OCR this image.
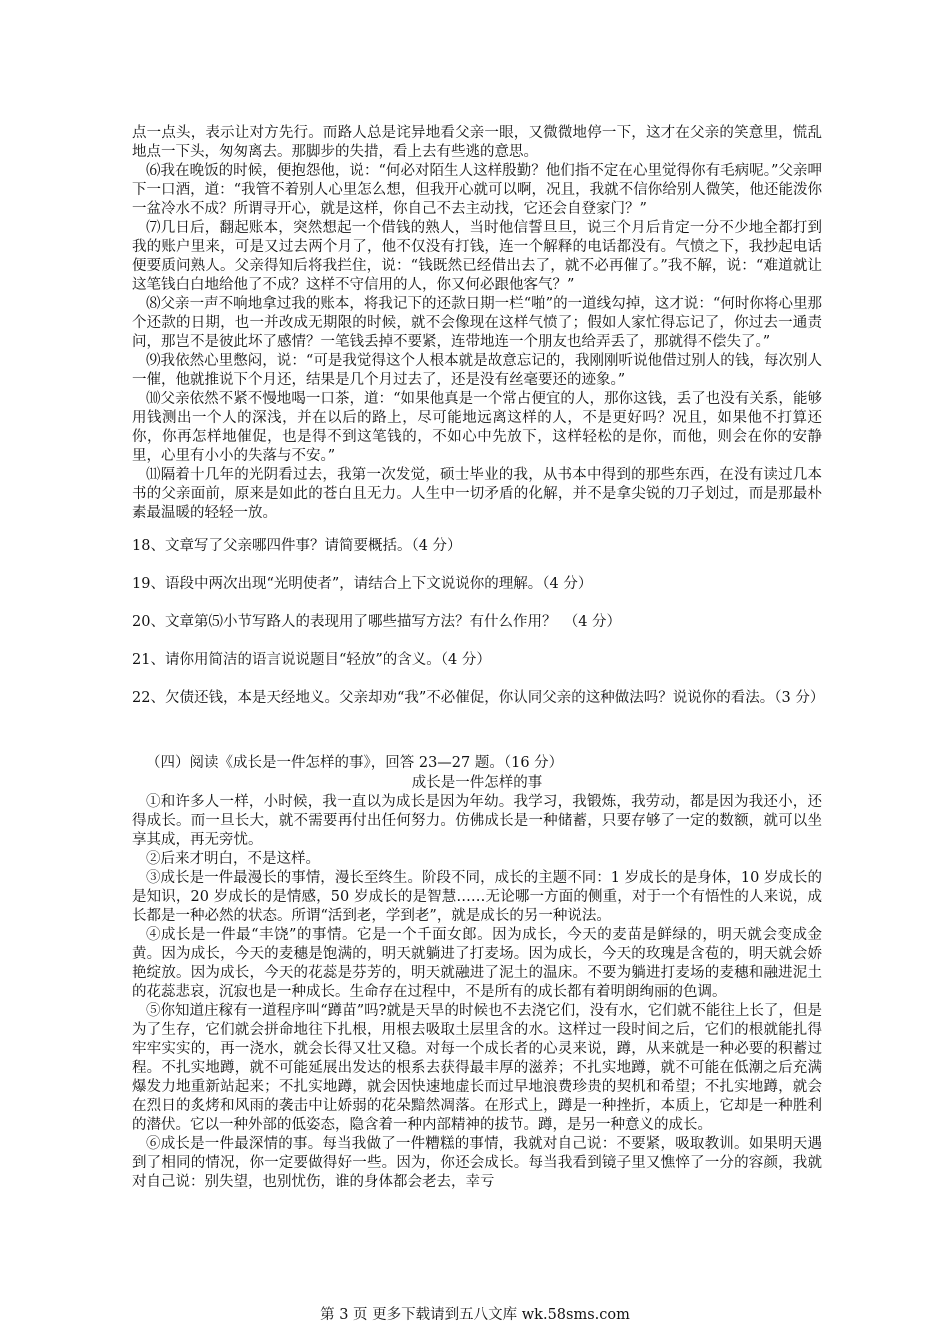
点一点头，表示让对方先行。而路人总是诧异地看父亲一眼，又微微地停一下，这才在父亲的笑意里，慌乱地点一下头，匆匆离去。那脚步的失措，看上去有些逃的意思。

⑹我在晚饭的时候，便抱怨他，说：“何必对陌生人这样殷勤？他们指不定在心里觉得你有毛病呢。”父亲呷下一口酒，道：“我管不着别人心里怎么想，但我开心就可以啊，况且，我就不信你给别人微笑，他还能泼你一盆冷水不成？所谓寻开心，就是这样，你自己不去主动找，它还会自登家门？”

⑺几日后，翻起账本，突然想起一个借钱的熟人，当时他信誓旦旦，说三个月后肯定一分不少地全都打到我的账户里来，可是又过去两个月了，他不仅没有打钱，连一个解释的电话都没有。气愤之下，我抄起电话便要质问熟人。父亲得知后将我拦住，说：“钱既然已经借出去了，就不必再催了。”我不解，说：“难道就让这笔钱白白地给他了不成？这样不守信用的人，你又何必跟他客气？”

⑻父亲一声不响地拿过我的账本，将我记下的还款日期一栏“啪”的一道线勾掉，这才说：“何时你将心里那个还款的日期，也一并改成无期限的时候，就不会像现在这样气愤了；假如人家忙得忘记了，你过去一通责问，那岂不是彼此坏了感情？一笔钱丢掉不要紧，连带地连一个朋友也给弄丢了，那就得不偿失了。”

⑼我依然心里憋闷，说：“可是我觉得这个人根本就是故意忘记的，我刚刚听说他借过别人的钱，每次别人一催，他就推说下个月还，结果是几个月过去了，还是没有丝毫要还的迹象。”

⑽父亲依然不紧不慢地喝一口茶，道：“如果他真是一个常占便宜的人，那你这钱，丢了也没有关系，能够用钱测出一个人的深浅，并在以后的路上，尽可能地远离这样的人，不是更好吗？况且，如果他不打算还你，你再怎样地催促，也是得不到这笔钱的，不如心中先放下，这样轻松的是你，而他，则会在你的安静里，心里有小小的失落与不安。”

⑾隔着十几年的光阴看过去，我第一次发觉，硕士毕业的我，从书本中得到的那些东西，在没有读过几本书的父亲面前，原来是如此的苍白且无力。人生中一切矛盾的化解，并不是拿尖锐的刀子划过，而是那最朴素最温暖的轻轻一放。

18、文章写了父亲哪四件事？请简要概括。（4 分）

19、语段中两次出现“光明使者”，请结合上下文说说你的理解。（4 分）

20、文章第⑸小节写路人的表现用了哪些描写方法？有什么作用？　（4 分）

21、请你用简洁的语言说说题目“轻放”的含义。（4 分）

22、欠债还钱，本是天经地义。父亲却劝“我”不必催促，你认同父亲的这种做法吗？说说你的看法。（3 分）

（四）阅读《成长是一件怎样的事》，回答 23—27 题。（16 分）

成长是一件怎样的事

①和许多人一样，小时候，我一直以为成长是因为年幼。我学习，我锻炼，我劳动，都是因为我还小，还得成长。而一旦长大，就不需要再付出任何努力。仿佛成长是一种储蓄，只要存够了一定的数额，就可以坐享其成，再无旁忧。

②后来才明白，不是这样。

③成长是一件最漫长的事情，漫长至终生。阶段不同，成长的主题不同：1 岁成长的是身体，10 岁成长的是知识，20 岁成长的是情感，50 岁成长的是智慧……无论哪一方面的侧重，对于一个有悟性的人来说，成长都是一种必然的状态。所谓“活到老，学到老”，就是成长的另一种说法。

④成长是一件最“丰饶”的事情。它是一个千面女郎。因为成长，今天的麦苗是鲜绿的，明天就会变成金黄。因为成长，今天的麦穗是饱满的，明天就躺进了打麦场。因为成长，今天的玫瑰是含苞的，明天就会娇艳绽放。因为成长，今天的花蕊是芬芳的，明天就融进了泥土的温床。不要为躺进打麦场的麦穗和融进泥土的花蕊悲哀，沉寂也是一种成长。生命存在过程中，不是所有的成长都有着明朗绚丽的色调。

⑤你知道庄稼有一道程序叫“蹲苗”吗?就是天旱的时候也不去浇它们，没有水，它们就不能往上长了，但是为了生存，它们就会拼命地往下扎根，用根去吸取土层里含的水。这样过一段时间之后，它们的根就能扎得牢牢实实的，再一浇水，就会长得又壮又稳。对每一个成长者的心灵来说，蹲，从来就是一种必要的积蓄过程。不扎实地蹲，就不可能延展出发达的根系去获得最丰厚的滋养；不扎实地蹲，就不可能在低潮之后充满爆发力地重新站起来；不扎实地蹲，就会因快速地虚长而过早地浪费珍贵的契机和希望；不扎实地蹲，就会在烈日的炙烤和风雨的袭击中让娇弱的花朵黯然凋落。在形式上，蹲是一种挫折，本质上，它却是一种胜利的潜伏。它以一种外部的低姿态，隐含着一种内部精神的拔节。蹲，是另一种意义的成长。

⑥成长是一件最深情的事。每当我做了一件糟糕的事情，我就对自己说：不要紧，吸取教训。如果明天遇到了相同的情况，你一定要做得好一些。因为，你还会成长。每当我看到镜子里又憔悴了一分的容颜，我就对自己说：别失望，也别忧伤，谁的身体都会老去，幸亏

第 3 页 更多下载请到五八文库 wk.58sms.com
